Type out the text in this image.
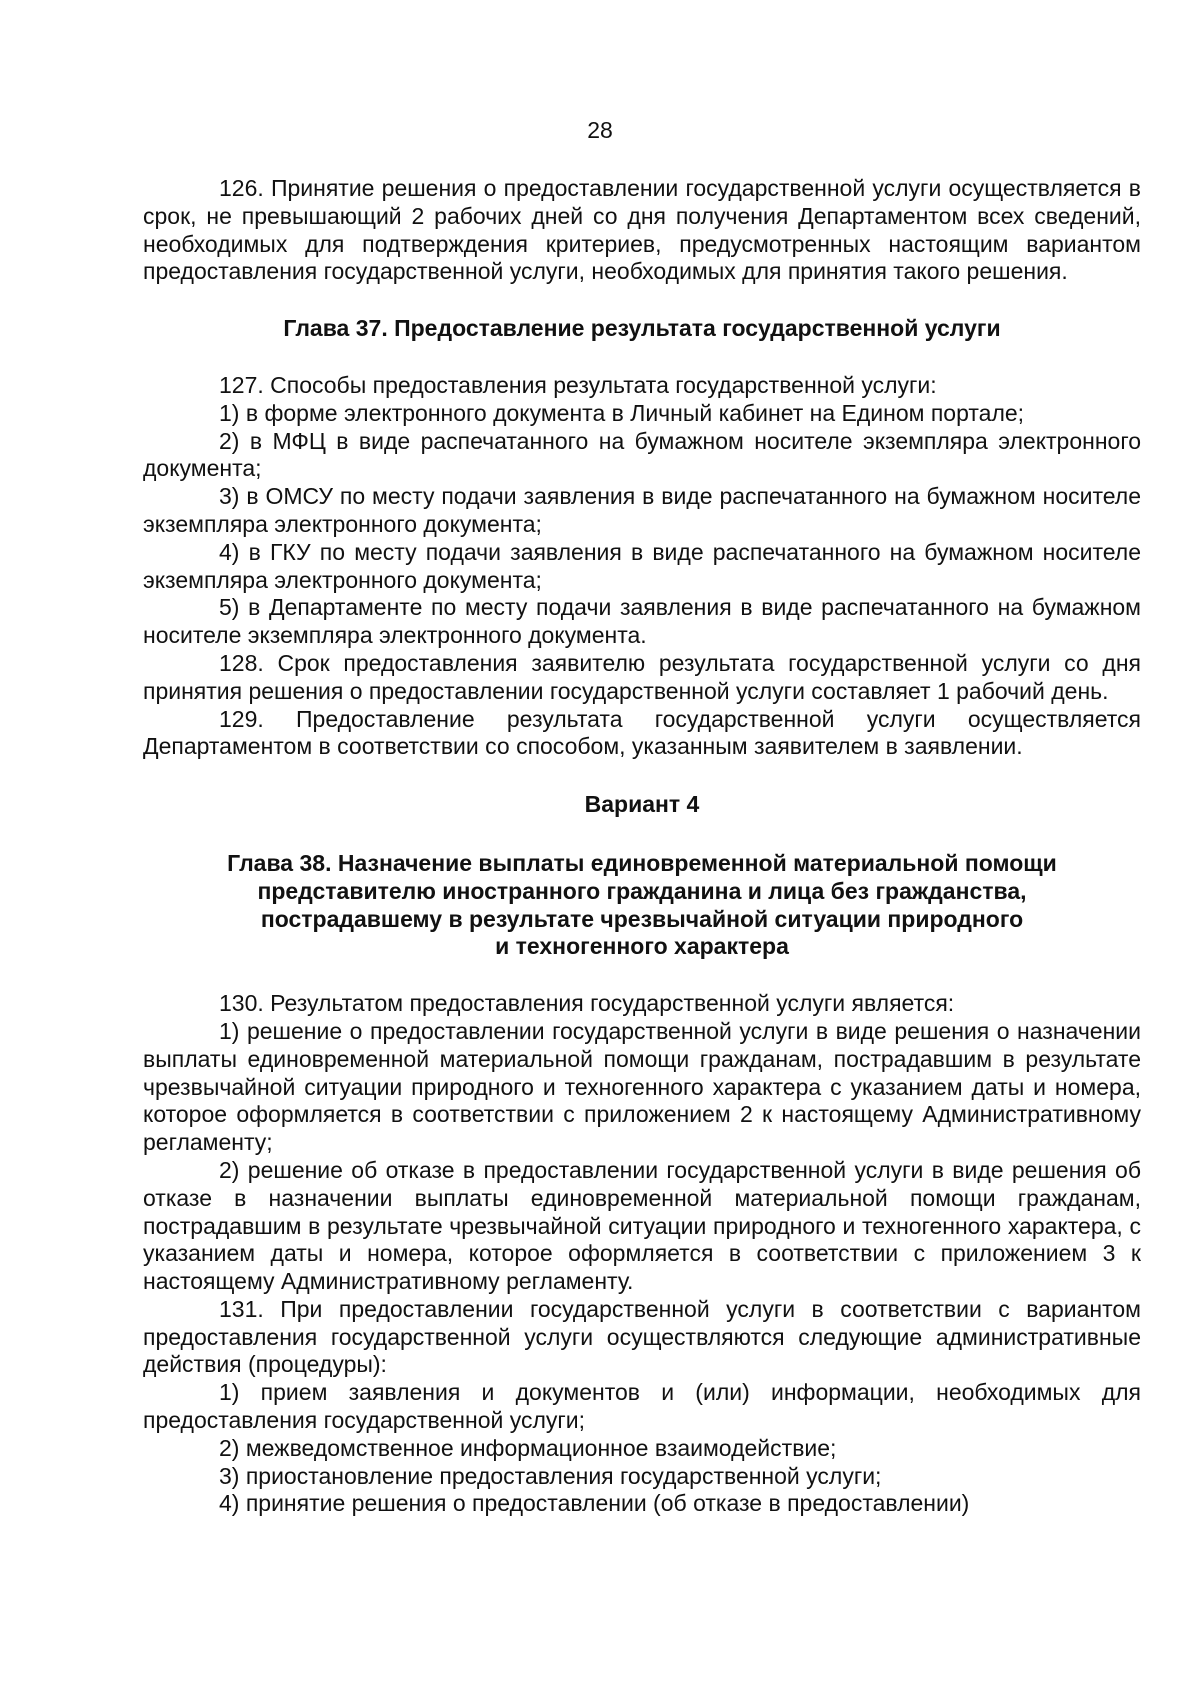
28

126. Принятие решения о предоставлении государственной услуги осуществляется в срок, не превышающий 2 рабочих дней со дня получения Департаментом всех сведений, необходимых для подтверждения критериев, предусмотренных настоящим вариантом предоставления государственной услуги, необходимых для принятия такого решения.

Глава 37. Предоставление результата государственной услуги

127. Способы предоставления результата государственной услуги:

1) в форме электронного документа в Личный кабинет на Едином портале;

2) в МФЦ в виде распечатанного на бумажном носителе экземпляра электронного документа;

3) в ОМСУ по месту подачи заявления в виде распечатанного на бумажном носителе экземпляра электронного документа;

4) в ГКУ по месту подачи заявления в виде распечатанного на бумажном носителе экземпляра электронного документа;

5) в Департаменте по месту подачи заявления в виде распечатанного на бумажном носителе экземпляра электронного документа.

128. Срок предоставления заявителю результата государственной услуги со дня принятия решения о предоставлении государственной услуги составляет 1 рабочий день.

129. Предоставление результата государственной услуги осуществляется Департаментом в соответствии со способом, указанным заявителем в заявлении.

Вариант 4

Глава 38. Назначение выплаты единовременной материальной помощи

представителю иностранного гражданина и лица без гражданства,

пострадавшему в результате чрезвычайной ситуации природного

и техногенного характера

130. Результатом предоставления государственной услуги является:

1) решение о предоставлении государственной услуги в виде решения о назначении выплаты единовременной материальной помощи гражданам, пострадавшим в результате чрезвычайной ситуации природного и техногенного характера с указанием даты и номера, которое оформляется в соответствии с приложением 2 к настоящему Административному регламенту;

2) решение об отказе в предоставлении государственной услуги в виде решения об отказе в назначении выплаты единовременной материальной помощи гражданам, пострадавшим в результате чрезвычайной ситуации природного и техногенного характера, с указанием даты и номера, которое оформляется в соответствии с приложением 3 к настоящему Административному регламенту.

131. При предоставлении государственной услуги в соответствии с вариантом предоставления государственной услуги осуществляются следующие административные действия (процедуры):

1) прием заявления и документов и (или) информации, необходимых для предоставления государственной услуги;

2) межведомственное информационное взаимодействие;

3) приостановление предоставления государственной услуги;

4) принятие решения о предоставлении (об отказе в предоставлении)
